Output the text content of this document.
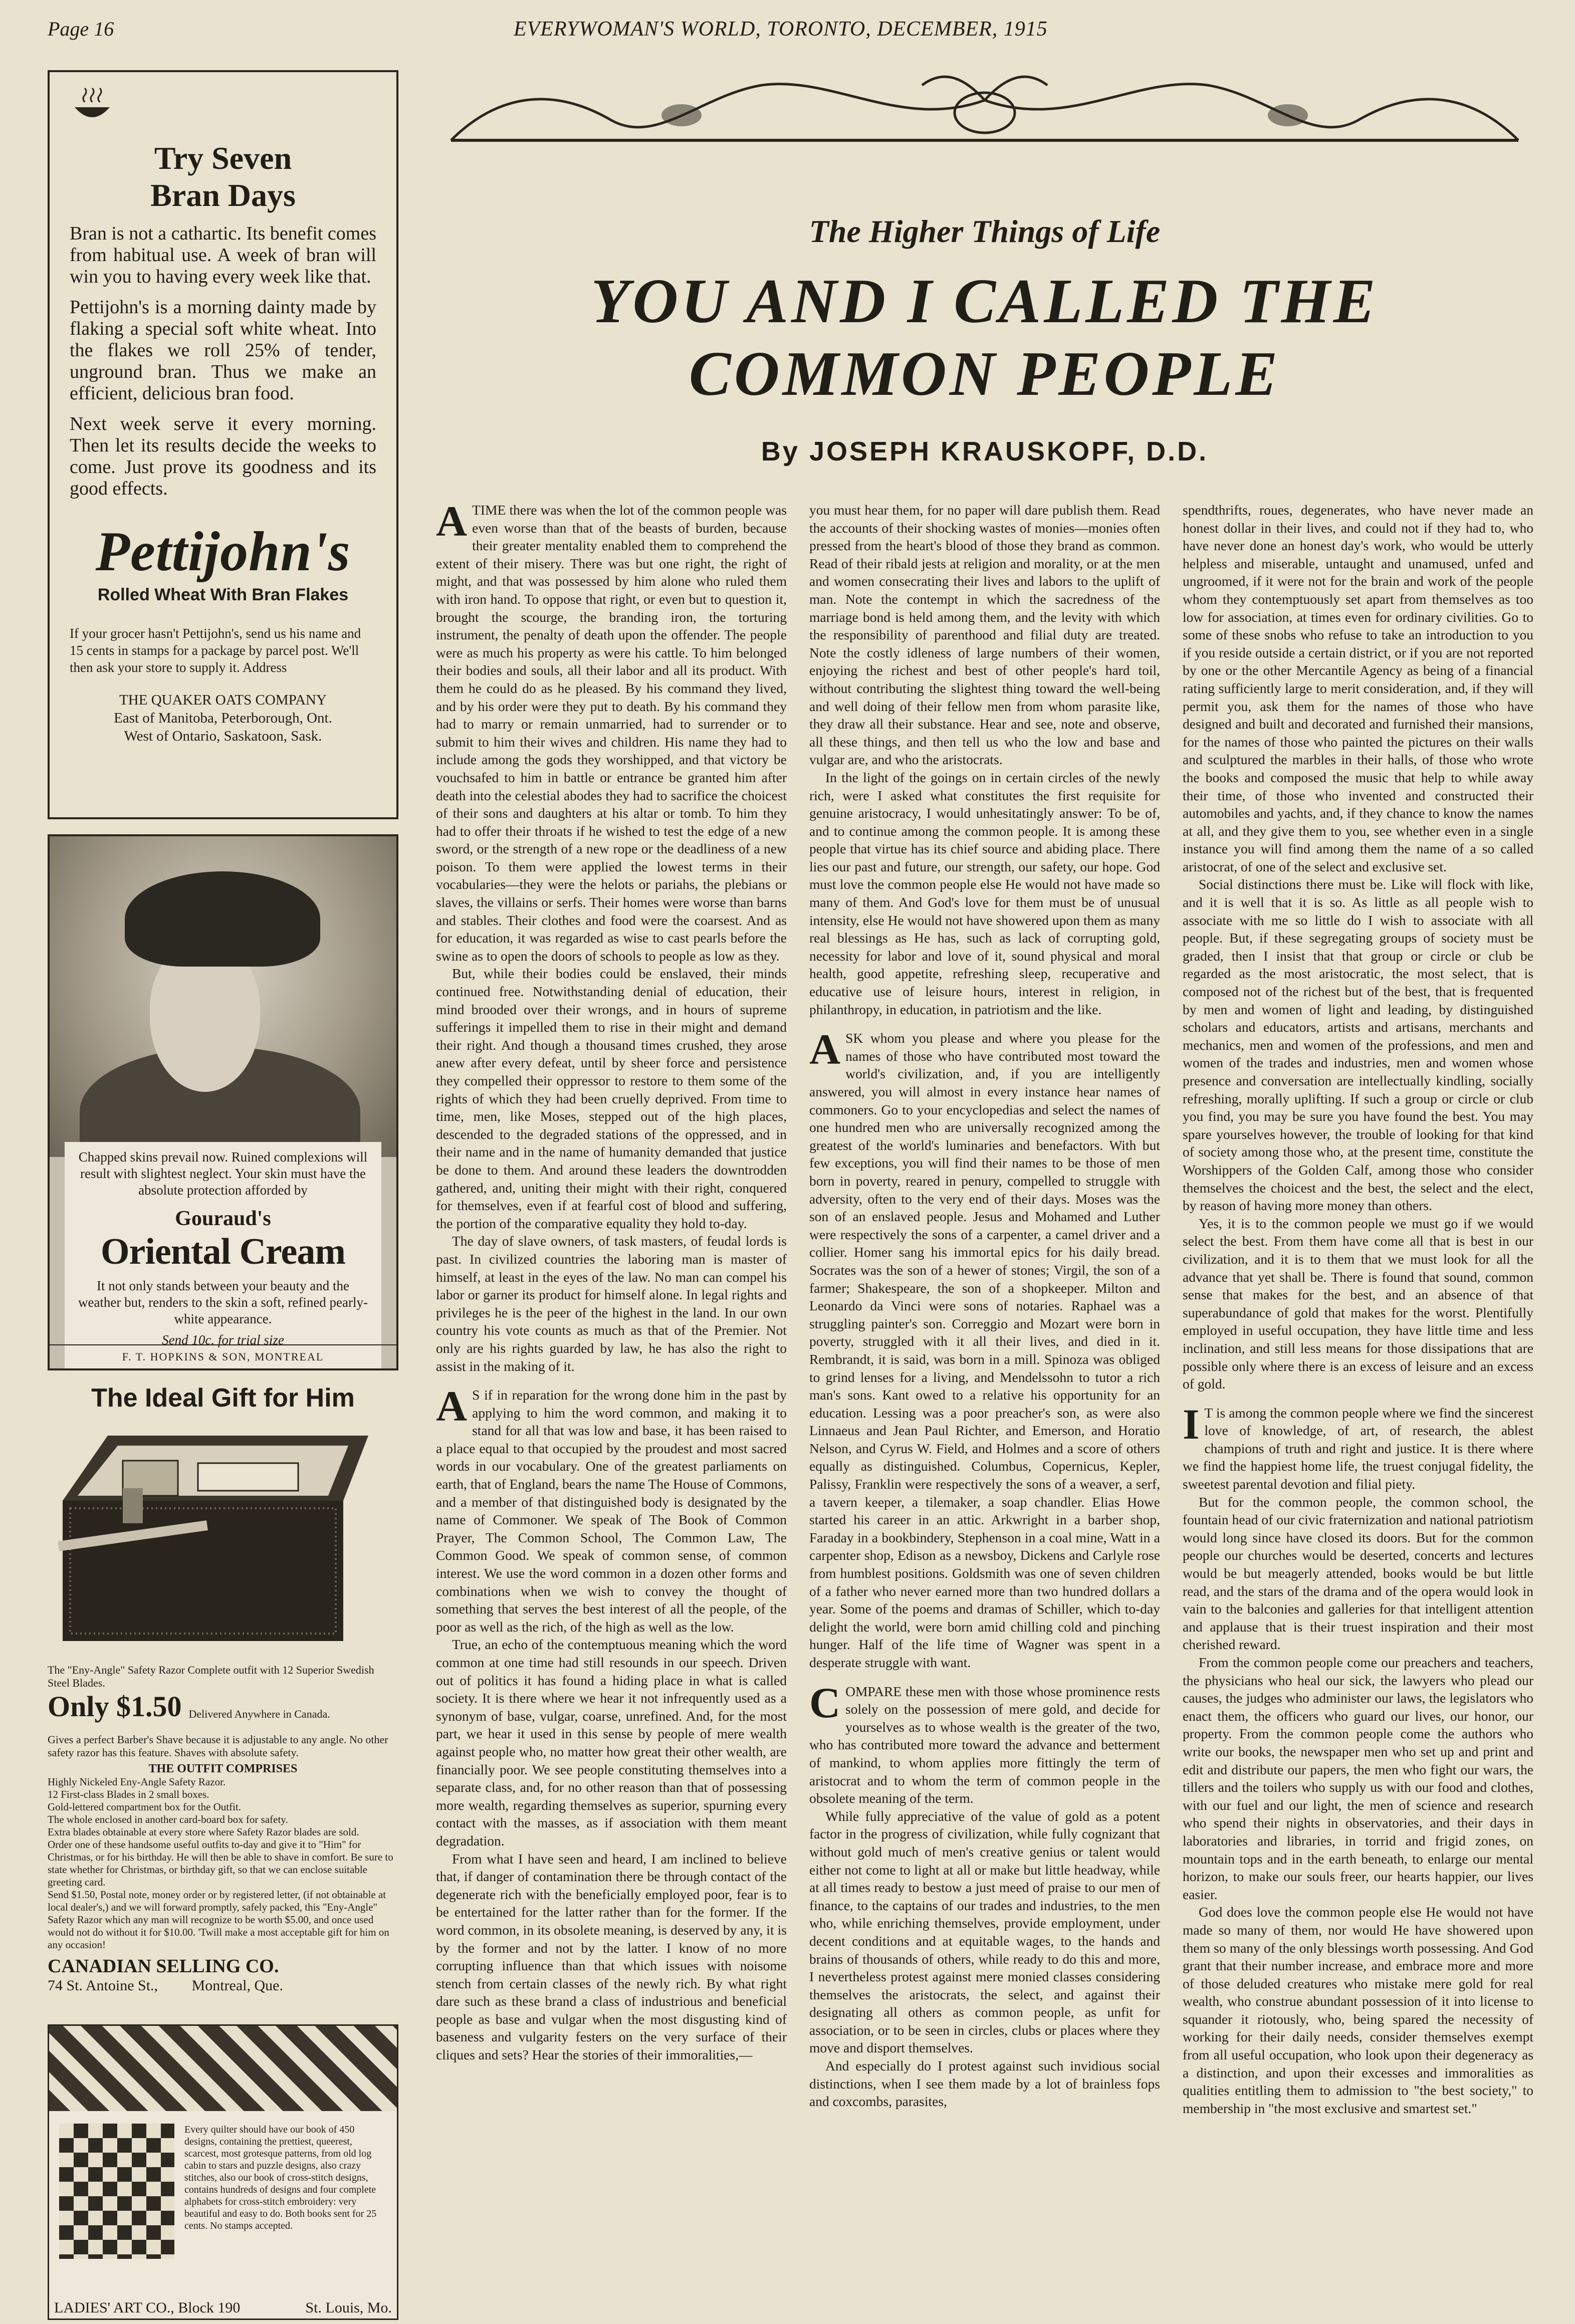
Page 16	EVERYWOMAN'S WORLD, TORONTO, DECEMBER, 1915
Try Seven
Bran Days

Bran is not a cathartic. Its benefit comes from habitual use. A week of bran will win you to having every week like that.

Pettijohn's is a morning dainty made by flaking a special soft white wheat. Into the flakes we roll 25% of tender, unground bran. Thus we make an efficient, delicious bran food.

Next week serve it every morning. Then let its results decide the weeks to come. Just prove its goodness and its good effects.

Pettijohn's
Rolled Wheat With Bran Flakes
If your grocer hasn't Pettijohn's, send us his name and 15 cents in stamps for a package by parcel post. We'll then ask your store to supply it. Address
THE QUAKER OATS COMPANY
East of Manitoba, Peterborough, Ont.
West of Ontario, Saskatoon, Sask.
Chapped skins prevail now. Ruined complexions will result with slightest neglect. Your skin must have the absolute protection afforded by
Gouraud's
Oriental Cream
It not only stands between your beauty and the weather but, renders to the skin a soft, refined pearly-white appearance.
Send 10c. for trial size
F. T. HOPKINS & SON, MONTREAL
The Ideal Gift for Him
The "Eny-Angle" Safety Razor Complete outfit with 12 Superior Swedish Steel Blades.
Only $1.50 Delivered Anywhere in Canada.
Gives a perfect Barber's Shave because it is adjustable to any angle. No other safety razor has this feature. Shaves with absolute safety.
THE OUTFIT COMPRISES
Highly Nickeled Eny-Angle Safety Razor.
12 First-class Blades in 2 small boxes.
Gold-lettered compartment box for the Outfit.
The whole enclosed in another card-board box for safety.
Extra blades obtainable at every store where Safety Razor blades are sold.
Order one of these handsome useful outfits to-day and give it to "Him" for Christmas, or for his birthday. He will then be able to shave in comfort. Be sure to state whether for Christmas, or birthday gift, so that we can enclose suitable greeting card.
Send $1.50, Postal note, money order or by registered letter, (if not obtainable at local dealer's,) and we will forward promptly, safely packed, this "Eny-Angle" Safety Razor which any man will recognize to be worth $5.00, and once used would not do without it for $10.00. 'Twill make a most acceptable gift for him on any occasion!
CANADIAN SELLING CO.
74 St. Antoine St., Montreal, Que.
Every quilter should have our book of 450 designs, containing the prettiest, queerest, scarcest, most grotesque patterns, from old log cabin to stars and puzzle designs, also crazy stitches, also our book of cross-stitch designs, contains hundreds of designs and four complete alphabets for cross-stitch embroidery: very beautiful and easy to do. Both books sent for 25 cents. No stamps accepted.
LADIES' ART CO., Block 190	St. Louis, Mo.
The Higher Things of Life
YOU AND I CALLED THE
COMMON PEOPLE
By JOSEPH KRAUSKOPF, D.D.

ATIME there was when the lot of the common people was even worse than that of the beasts of burden, because their greater mentality enabled them to comprehend the extent of their misery. There was but one right, the right of might, and that was possessed by him alone who ruled them with iron hand. To oppose that right, or even but to question it, brought the scourge, the branding iron, the torturing instrument, the penalty of death upon the offender. The people were as much his property as were his cattle. To him belonged their bodies and souls, all their labor and all its product. With them he could do as he pleased. By his command they lived, and by his order were they put to death. By his command they had to marry or remain unmarried, had to surrender or to submit to him their wives and children. His name they had to include among the gods they worshipped, and that victory be vouchsafed to him in battle or entrance be granted him after death into the celestial abodes they had to sacrifice the choicest of their sons and daughters at his altar or tomb. To him they had to offer their throats if he wished to test the edge of a new sword, or the strength of a new rope or the deadliness of a new poison. To them were applied the lowest terms in their vocabularies—they were the helots or pariahs, the plebians or slaves, the villains or serfs. Their homes were worse than barns and stables. Their clothes and food were the coarsest. And as for education, it was regarded as wise to cast pearls before the swine as to open the doors of schools to people as low as they.

But, while their bodies could be enslaved, their minds continued free. Notwithstanding denial of education, their mind brooded over their wrongs, and in hours of supreme sufferings it impelled them to rise in their might and demand their right. And though a thousand times crushed, they arose anew after every defeat, until by sheer force and persistence they compelled their oppressor to restore to them some of the rights of which they had been cruelly deprived. From time to time, men, like Moses, stepped out of the high places, descended to the degraded stations of the oppressed, and in their name and in the name of humanity demanded that justice be done to them. And around these leaders the downtrodden gathered, and, uniting their might with their right, conquered for themselves, even if at fearful cost of blood and suffering, the portion of the comparative equality they hold to-day.

The day of slave owners, of task masters, of feudal lords is past. In civilized countries the laboring man is master of himself, at least in the eyes of the law. No man can compel his labor or garner its product for himself alone. In legal rights and privileges he is the peer of the highest in the land. In our own country his vote counts as much as that of the Premier. Not only are his rights guarded by law, he has also the right to assist in the making of it.

A S if in reparation for the wrong done him in the past by applying to him the word common, and making it to stand for all that was low and base, it has been raised to a place equal to that occupied by the proudest and most sacred words in our vocabulary. One of the greatest parliaments on earth, that of England, bears the name The House of Commons, and a member of that distinguished body is designated by the name of Commoner. We speak of The Book of Common Prayer, The Common School, The Common Law, The Common Good. We speak of common sense, of common interest. We use the word common in a dozen other forms and combinations when we wish to convey the thought of something that serves the best interest of all the people, of the poor as well as the rich, of the high as well as the low.

True, an echo of the contemptuous meaning which the word common at one time had still resounds in our speech. Driven out of politics it has found a hiding place in what is called society. It is there where we hear it not infrequently used as a synonym of base, vulgar, coarse, unrefined. And, for the most part, we hear it used in this sense by people of mere wealth against people who, no matter how great their other wealth, are financially poor. We see people constituting themselves into a separate class, and, for no other reason than that of possessing more wealth, regarding themselves as superior, spurning every contact with the masses, as if association with them meant degradation.

From what I have seen and heard, I am inclined to believe that, if danger of contamination there be through contact of the degenerate rich with the beneficially employed poor, fear is to be entertained for the latter rather than for the former. If the word common, in its obsolete meaning, is deserved by any, it is by the former and not by the latter. I know of no more corrupting influence than that which issues with noisome stench from certain classes of the newly rich. By what right dare such as these brand a class of industrious and beneficial people as base and vulgar when the most disgusting kind of baseness and vulgarity festers on the very surface of their cliques and sets? Hear the stories of their immoralities,—

you must hear them, for no paper will dare publish them. Read the accounts of their shocking wastes of monies—monies often pressed from the heart's blood of those they brand as common. Read of their ribald jests at religion and morality, or at the men and women consecrating their lives and labors to the uplift of man. Note the contempt in which the sacredness of the marriage bond is held among them, and the levity with which the responsibility of parenthood and filial duty are treated. Note the costly idleness of large numbers of their women, enjoying the richest and best of other people's hard toil, without contributing the slightest thing toward the well-being and well doing of their fellow men from whom parasite like, they draw all their substance. Hear and see, note and observe, all these things, and then tell us who the low and base and vulgar are, and who the aristocrats.

In the light of the goings on in certain circles of the newly rich, were I asked what constitutes the first requisite for genuine aristocracy, I would unhesitatingly answer: To be of, and to continue among the common people. It is among these people that virtue has its chief source and abiding place. There lies our past and future, our strength, our safety, our hope. God must love the common people else He would not have made so many of them. And God's love for them must be of unusual intensity, else He would not have showered upon them as many real blessings as He has, such as lack of corrupting gold, necessity for labor and love of it, sound physical and moral health, good appetite, refreshing sleep, recuperative and educative use of leisure hours, interest in religion, in philanthropy, in education, in patriotism and the like.

ASK whom you please and where you please for the names of those who have contributed most toward the world's civilization, and, if you are intelligently answered, you will almost in every instance hear names of commoners. Go to your encyclopedias and select the names of one hundred men who are universally recognized among the greatest of the world's luminaries and benefactors. With but few exceptions, you will find their names to be those of men born in poverty, reared in penury, compelled to struggle with adversity, often to the very end of their days. Moses was the son of an enslaved people. Jesus and Mohamed and Luther were respectively the sons of a carpenter, a camel driver and a collier. Homer sang his immortal epics for his daily bread. Socrates was the son of a hewer of stones; Virgil, the son of a farmer; Shakespeare, the son of a shopkeeper. Milton and Leonardo da Vinci were sons of notaries. Raphael was a struggling painter's son. Correggio and Mozart were born in poverty, struggled with it all their lives, and died in it. Rembrandt, it is said, was born in a mill. Spinoza was obliged to grind lenses for a living, and Mendelssohn to tutor a rich man's sons. Kant owed to a relative his opportunity for an education. Lessing was a poor preacher's son, as were also Linnaeus and Jean Paul Richter, and Emerson, and Horatio Nelson, and Cyrus W. Field, and Holmes and a score of others equally as distinguished. Columbus, Copernicus, Kepler, Palissy, Franklin were respectively the sons of a weaver, a serf, a tavern keeper, a tilemaker, a soap chandler. Elias Howe started his career in an attic. Arkwright in a barber shop, Faraday in a bookbindery, Stephenson in a coal mine, Watt in a carpenter shop, Edison as a newsboy, Dickens and Carlyle rose from humblest positions. Goldsmith was one of seven children of a father who never earned more than two hundred dollars a year. Some of the poems and dramas of Schiller, which to-day delight the world, were born amid chilling cold and pinching hunger. Half of the life time of Wagner was spent in a desperate struggle with want.

COMPARE these men with those whose prominence rests solely on the possession of mere gold, and decide for yourselves as to whose wealth is the greater of the two, who has contributed more toward the advance and betterment of mankind, to whom applies more fittingly the term of aristocrat and to whom the term of common people in the obsolete meaning of the term.

While fully appreciative of the value of gold as a potent factor in the progress of civilization, while fully cognizant that without gold much of men's creative genius or talent would either not come to light at all or make but little headway, while at all times ready to bestow a just meed of praise to our men of finance, to the captains of our trades and industries, to the men who, while enriching themselves, provide employment, under decent conditions and at equitable wages, to the hands and brains of thousands of others, while ready to do this and more, I nevertheless protest against mere monied classes considering themselves the aristocrats, the select, and against their designating all others as common people, as unfit for association, or to be seen in circles, clubs or places where they move and disport themselves.

And especially do I protest against such invidious social distinctions, when I see them made by a lot of brainless fops and coxcombs, parasites,

spendthrifts, roues, degenerates, who have never made an honest dollar in their lives, and could not if they had to, who have never done an honest day's work, who would be utterly helpless and miserable, untaught and unamused, unfed and ungroomed, if it were not for the brain and work of the people whom they contemptuously set apart from themselves as too low for association, at times even for ordinary civilities. Go to some of these snobs who refuse to take an introduction to you if you reside outside a certain district, or if you are not reported by one or the other Mercantile Agency as being of a financial rating sufficiently large to merit consideration, and, if they will permit you, ask them for the names of those who have designed and built and decorated and furnished their mansions, for the names of those who painted the pictures on their walls and sculptured the marbles in their halls, of those who wrote the books and composed the music that help to while away their time, of those who invented and constructed their automobiles and yachts, and, if they chance to know the names at all, and they give them to you, see whether even in a single instance you will find among them the name of a so called aristocrat, of one of the select and exclusive set.

Social distinctions there must be. Like will flock with like, and it is well that it is so. As little as all people wish to associate with me so little do I wish to associate with all people. But, if these segregating groups of society must be graded, then I insist that that group or circle or club be regarded as the most aristocratic, the most select, that is composed not of the richest but of the best, that is frequented by men and women of light and leading, by distinguished scholars and educators, artists and artisans, merchants and mechanics, men and women of the professions, and men and women of the trades and industries, men and women whose presence and conversation are intellectually kindling, socially refreshing, morally uplifting. If such a group or circle or club you find, you may be sure you have found the best. You may spare yourselves however, the trouble of looking for that kind of society among those who, at the present time, constitute the Worshippers of the Golden Calf, among those who consider themselves the choicest and the best, the select and the elect, by reason of having more money than others.

Yes, it is to the common people we must go if we would select the best. From them have come all that is best in our civilization, and it is to them that we must look for all the advance that yet shall be. There is found that sound, common sense that makes for the best, and an absence of that superabundance of gold that makes for the worst. Plentifully employed in useful occupation, they have little time and less inclination, and still less means for those dissipations that are possible only where there is an excess of leisure and an excess of gold.

I T is among the common people where we find the sincerest love of knowledge, of art, of research, the ablest champions of truth and right and justice. It is there where we find the happiest home life, the truest conjugal fidelity, the sweetest parental devotion and filial piety.

But for the common people, the common school, the fountain head of our civic fraternization and national patriotism would long since have closed its doors. But for the common people our churches would be deserted, concerts and lectures would be but meagerly attended, books would be but little read, and the stars of the drama and of the opera would look in vain to the balconies and galleries for that intelligent attention and applause that is their truest inspiration and their most cherished reward.

From the common people come our preachers and teachers, the physicians who heal our sick, the lawyers who plead our causes, the judges who administer our laws, the legislators who enact them, the officers who guard our lives, our honor, our property. From the common people come the authors who write our books, the newspaper men who set up and print and edit and distribute our papers, the men who fight our wars, the tillers and the toilers who supply us with our food and clothes, with our fuel and our light, the men of science and research who spend their nights in observatories, and their days in laboratories and libraries, in torrid and frigid zones, on mountain tops and in the earth beneath, to enlarge our mental horizon, to make our souls freer, our hearts happier, our lives easier.

God does love the common people else He would not have made so many of them, nor would He have showered upon them so many of the only blessings worth possessing. And God grant that their number increase, and embrace more and more of those deluded creatures who mistake mere gold for real wealth, who construe abundant possession of it into license to squander it riotously, who, being spared the necessity of working for their daily needs, consider themselves exempt from all useful occupation, who look upon their degeneracy as a distinction, and upon their excesses and immoralities as qualities entitling them to admission to "the best society," to membership in "the most exclusive and smartest set."
